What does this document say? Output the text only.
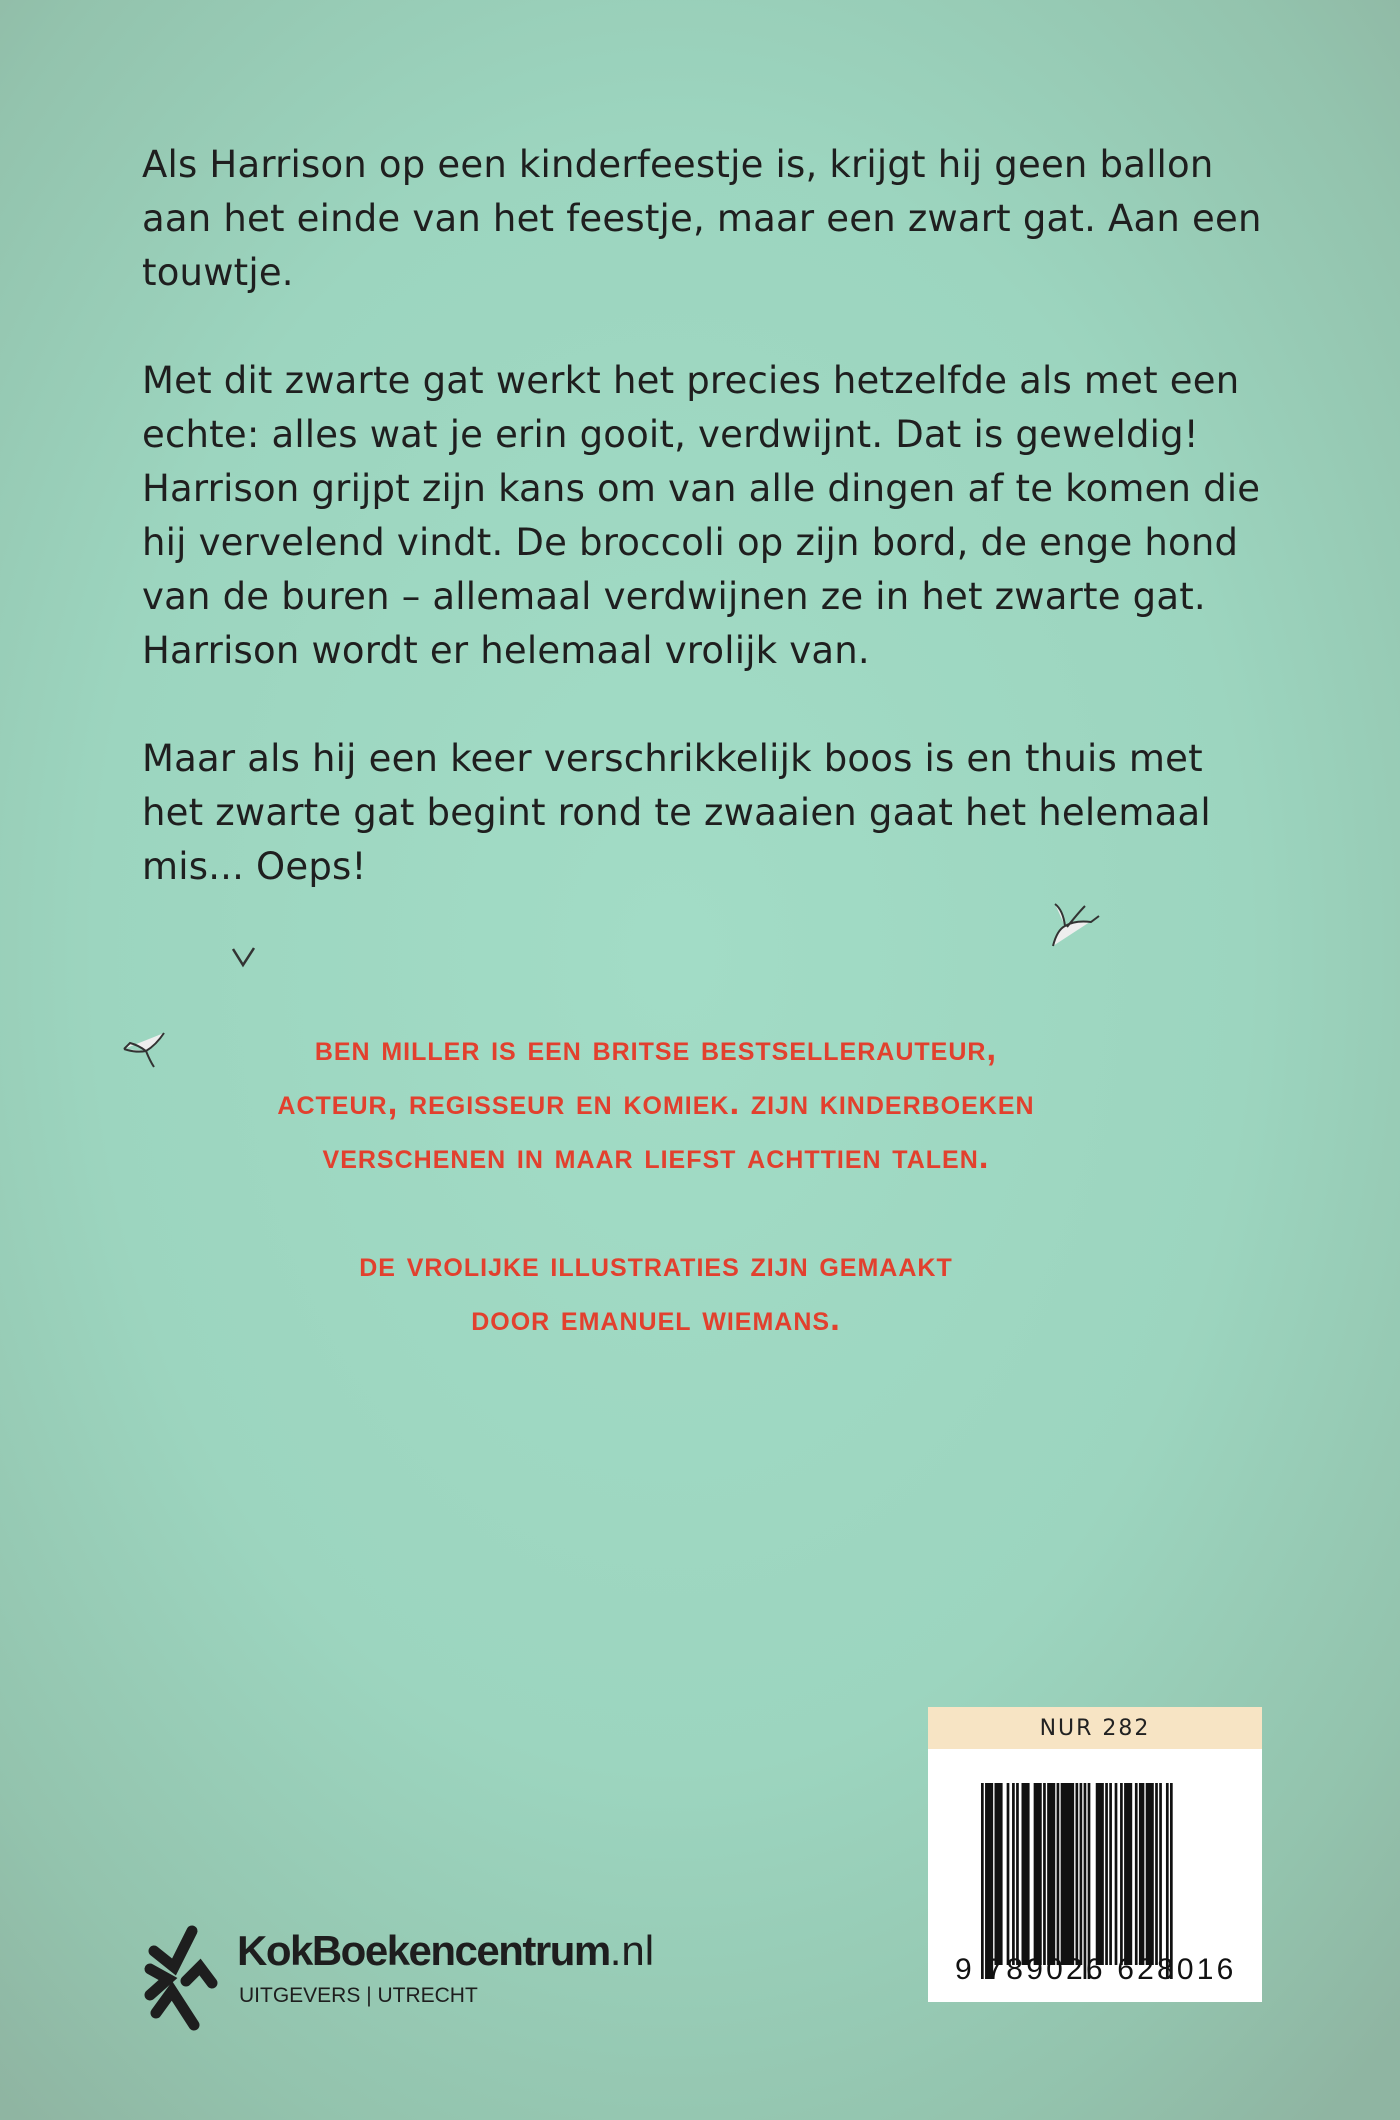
Als Harrison op een kinderfeestje is, krijgt hij geen ballon aan het einde van het feestje, maar een zwart gat. Aan een touwtje.

Met dit zwarte gat werkt het precies hetzelfde als met een echte: alles wat je erin gooit, verdwijnt. Dat is geweldig! Harrison grijpt zijn kans om van alle dingen af te komen die hij vervelend vindt. De broccoli op zijn bord, de enge hond van de buren – allemaal verdwijnen ze in het zwarte gat. Harrison wordt er helemaal vrolijk van.

Maar als hij een keer verschrikkelijk boos is en thuis met het zwarte gat begint rond te zwaaien gaat het helemaal mis... Oeps!

ben miller is een britse bestsellerauteur,
acteur, regisseur en komiek. zijn kinderboeken
verschenen in maar liefst achttien talen.
de vrolijke illustraties zijn gemaakt
door emanuel wiemans.
NUR 282
9 789026 628016
KokBoekencentrum.nl
UITGEVERS | UTRECHT
